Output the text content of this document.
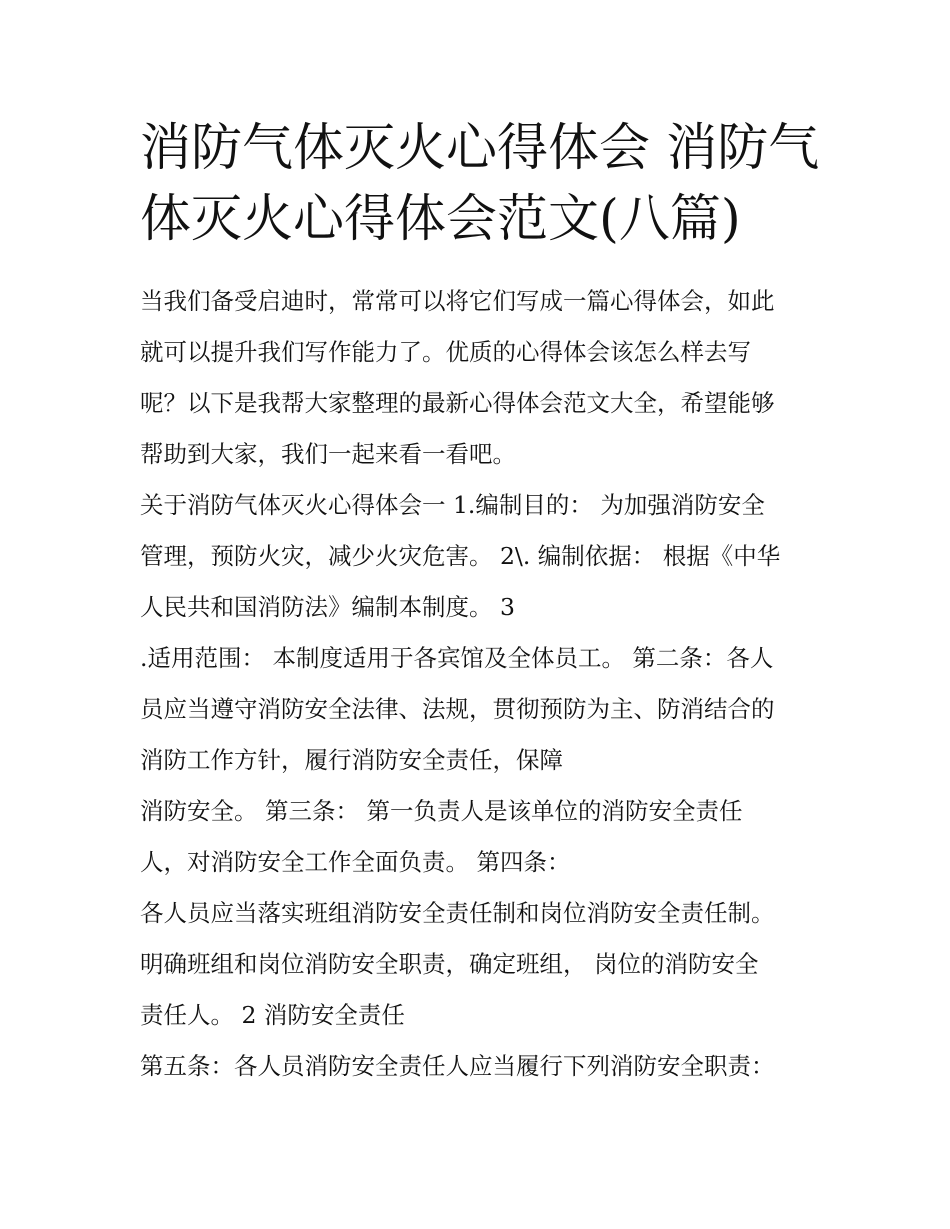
消防气体灭火心得体会 消防气
体灭火心得体会范文(八篇)
当我们备受启迪时，常常可以将它们写成一篇心得体会，如此
就可以提升我们写作能力了。优质的心得体会该怎么样去写
呢？以下是我帮大家整理的最新心得体会范文大全，希望能够
帮助到大家，我们一起来看一看吧。
关于消防气体灭火心得体会一 1.编制目的： 为加强消防安全
管理，预防火灾，减少火灾危害。 2\. 编制依据： 根据《中华
人民共和国消防法》编制本制度。 3
.适用范围： 本制度适用于各宾馆及全体员工。 第二条：各人
员应当遵守消防安全法律、法规，贯彻预防为主、防消结合的
消防工作方针，履行消防安全责任，保障
消防安全。 第三条： 第一负责人是该单位的消防安全责任
人，对消防安全工作全面负责。 第四条：
各人员应当落实班组消防安全责任制和岗位消防安全责任制。
明确班组和岗位消防安全职责，确定班组， 岗位的消防安全
责任人。 2 消防安全责任
第五条：各人员消防安全责任人应当履行下列消防安全职责：
